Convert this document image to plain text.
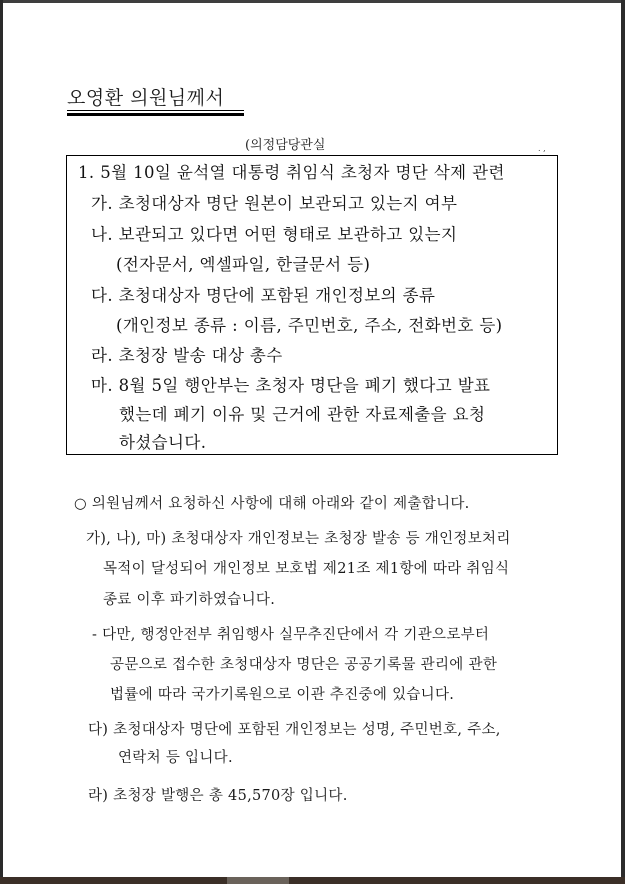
오영환 의원님께서
(의정담당관실	. ,
1. 5월 10일 윤석열 대통령 취임식 초청자 명단 삭제 관련
가. 초청대상자 명단 원본이 보관되고 있는지 여부
나. 보관되고 있다면 어떤 형태로 보관하고 있는지
(전자문서, 엑셀파일, 한글문서 등)
다. 초청대상자 명단에 포함된 개인정보의 종류
(개인정보 종류 : 이름, 주민번호, 주소, 전화번호 등)
라. 초청장 발송 대상 총수
마. 8월 5일 행안부는 초청자 명단을 폐기 했다고 발표
했는데 폐기 이유 및 근거에 관한 자료제출을 요청
하셨습니다.
○ 의원님께서 요청하신 사항에 대해 아래와 같이 제출합니다.
가), 나), 마) 초청대상자 개인정보는 초청장 발송 등 개인정보처리
목적이 달성되어 개인정보 보호법 제21조 제1항에 따라 취임식
종료 이후 파기하였습니다.
- 다만, 행정안전부 취임행사 실무추진단에서 각 기관으로부터
공문으로 접수한 초청대상자 명단은 공공기록물 관리에 관한
법률에 따라 국가기록원으로 이관 추진중에 있습니다.
다) 초청대상자 명단에 포함된 개인정보는 성명, 주민번호, 주소,
연락처 등 입니다.
라) 초청장 발행은 총 45,570장 입니다.
